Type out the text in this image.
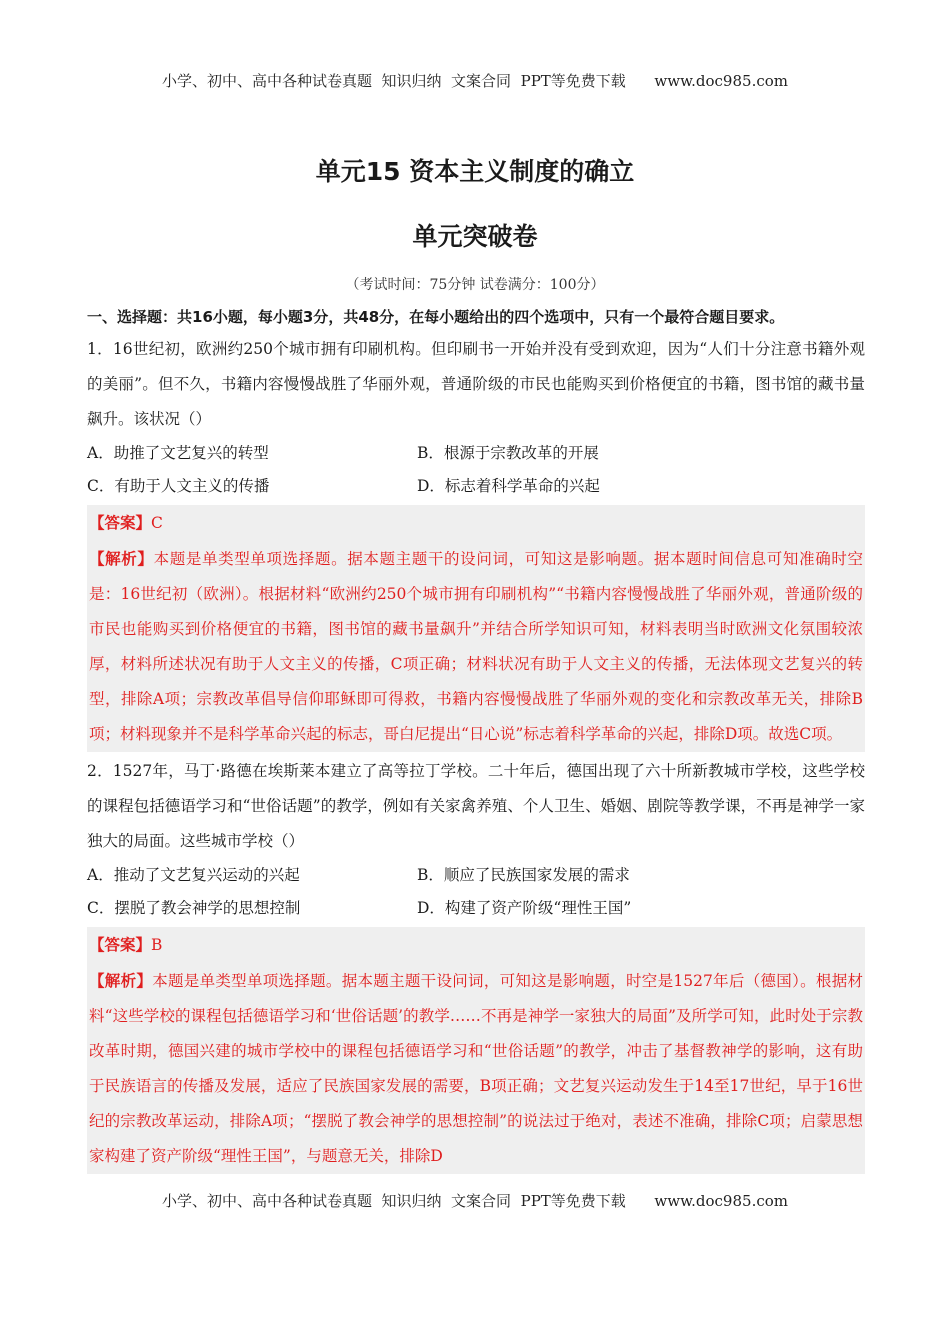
小学、初中、高中各种试卷真题  知识归纳  文案合同  PPT等免费下载      www.doc985.com
单元15 资本主义制度的确立
单元突破卷
（考试时间：75分钟 试卷满分：100分）
一、选择题：共16小题，每小题3分，共48分，在每小题给出的四个选项中，只有一个最符合题目要求。
1．16世纪初，欧洲约250个城市拥有印刷机构。但印刷书一开始并没有受到欢迎，因为“人们十分注意书籍外观的美丽”。但不久，书籍内容慢慢战胜了华丽外观，普通阶级的市民也能购买到价格便宜的书籍，图书馆的藏书量飙升。该状况（）
A．助推了文艺复兴的转型	B．根源于宗教改革的开展
C．有助于人文主义的传播	D．标志着科学革命的兴起
【答案】C
【解析】本题是单类型单项选择题。据本题主题干的设问词，可知这是影响题。据本题时间信息可知准确时空是：16世纪初（欧洲）。根据材料“欧洲约250个城市拥有印刷机构”“书籍内容慢慢战胜了华丽外观，普通阶级的市民也能购买到价格便宜的书籍，图书馆的藏书量飙升”并结合所学知识可知，材料表明当时欧洲文化氛围较浓厚，材料所述状况有助于人文主义的传播，C项正确；材料状况有助于人文主义的传播，无法体现文艺复兴的转型，排除A项；宗教改革倡导信仰耶稣即可得救，书籍内容慢慢战胜了华丽外观的变化和宗教改革无关，排除B项；材料现象并不是科学革命兴起的标志，哥白尼提出“日心说”标志着科学革命的兴起，排除D项。故选C项。
2．1527年，马丁·路德在埃斯莱本建立了高等拉丁学校。二十年后，德国出现了六十所新教城市学校，这些学校的课程包括德语学习和“世俗话题”的教学，例如有关家禽养殖、个人卫生、婚姻、剧院等教学课，不再是神学一家独大的局面。这些城市学校（）
A．推动了文艺复兴运动的兴起	B．顺应了民族国家发展的需求
C．摆脱了教会神学的思想控制	D．构建了资产阶级“理性王国”
【答案】B
【解析】本题是单类型单项选择题。据本题主题干设问词，可知这是影响题，时空是1527年后（德国）。根据材料“这些学校的课程包括德语学习和‘世俗话题’的教学……不再是神学一家独大的局面”及所学可知，此时处于宗教改革时期，德国兴建的城市学校中的课程包括德语学习和“世俗话题”的教学，冲击了基督教神学的影响，这有助于民族语言的传播及发展，适应了民族国家发展的需要，B项正确；文艺复兴运动发生于14至17世纪，早于16世纪的宗教改革运动，排除A项；“摆脱了教会神学的思想控制”的说法过于绝对，表述不准确，排除C项；启蒙思想家构建了资产阶级“理性王国”，与题意无关，排除D
小学、初中、高中各种试卷真题  知识归纳  文案合同  PPT等免费下载      www.doc985.com
